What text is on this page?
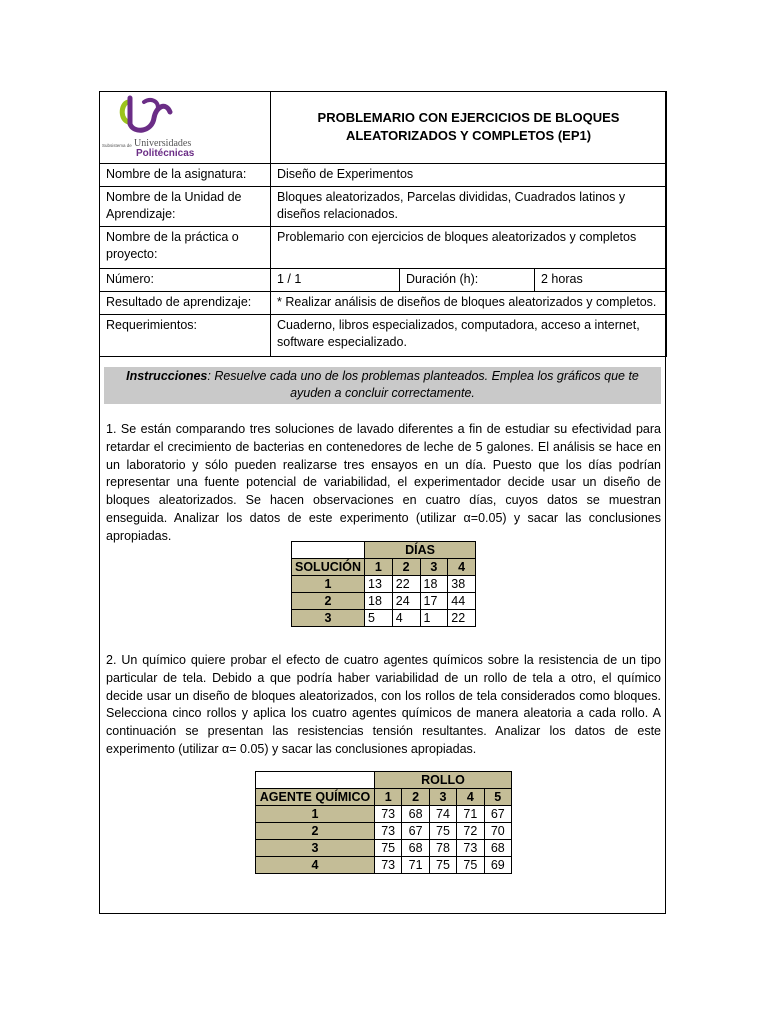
Subsistema de Universidades
Politécnicas	PROBLEMARIO CON EJERCICIOS DE BLOQUES ALEATORIZADOS Y COMPLETOS (EP1)		
Nombre de la asignatura:	Diseño de Experimentos		
Nombre de la Unidad de Aprendizaje:	Bloques aleatorizados, Parcelas divididas, Cuadrados latinos y diseños relacionados.		
Nombre de la práctica o proyecto:	Problemario con ejercicios de bloques aleatorizados y completos		
Número:	1 / 1	Duración (h):	2 horas
Resultado de aprendizaje:	* Realizar análisis de diseños de bloques aleatorizados y completos.		
Requerimientos:	Cuaderno, libros especializados, computadora, acceso a internet, software especializado.		
Instrucciones: Resuelve cada uno de los problemas planteados. Emplea los gráficos que te ayuden a concluir correctamente.
1. Se están comparando tres soluciones de lavado diferentes a fin de estudiar su efectividad para retardar el crecimiento de bacterias en contenedores de leche de 5 galones. El análisis se hace en un laboratorio y sólo pueden realizarse tres ensayos en un día. Puesto que los días podrían representar una fuente potencial de variabilidad, el experimentador decide usar un diseño de bloques aleatorizados. Se hacen observaciones en cuatro días, cuyos datos se muestran enseguida. Analizar los datos de este experimento (utilizar α=0.05) y sacar las conclusiones apropiadas.
	DÍAS			
SOLUCIÓN	1	2	3	4
1	13	22	18	38
2	18	24	17	44
3	5	4	1	22
2. Un químico quiere probar el efecto de cuatro agentes químicos sobre la resistencia de un tipo particular de tela. Debido a que podría haber variabilidad de un rollo de tela a otro, el químico decide usar un diseño de bloques aleatorizados, con los rollos de tela considerados como bloques. Selecciona cinco rollos y aplica los cuatro agentes químicos de manera aleatoria a cada rollo. A continuación se presentan las resistencias tensión resultantes. Analizar los datos de este experimento (utilizar α= 0.05) y sacar las conclusiones apropiadas.
	ROLLO				
AGENTE QUÍMICO	1	2	3	4	5
1	73	68	74	71	67
2	73	67	75	72	70
3	75	68	78	73	68
4	73	71	75	75	69
